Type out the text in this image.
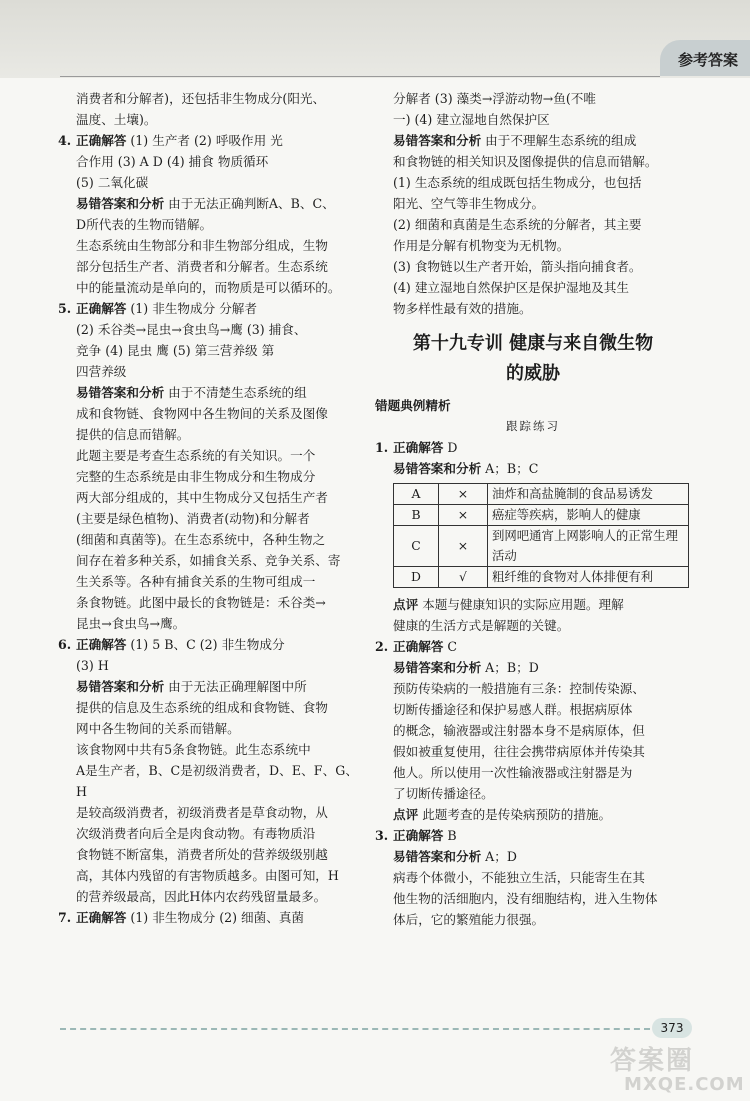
参考答案

消费者和分解者)，还包括非生物成分(阳光、

温度、土壤)。

4. 正确解答 (1) 生产者 (2) 呼吸作用 光

合作用 (3) A D (4) 捕食 物质循环

(5) 二氧化碳

易错答案和分析 由于无法正确判断A、B、C、

D所代表的生物而错解。

生态系统由生物部分和非生物部分组成，生物

部分包括生产者、消费者和分解者。生态系统

中的能量流动是单向的，而物质是可以循环的。

5. 正确解答 (1) 非生物成分 分解者

(2) 禾谷类→昆虫→食虫鸟→鹰 (3) 捕食、

竞争 (4) 昆虫 鹰 (5) 第三营养级 第

四营养级

易错答案和分析 由于不清楚生态系统的组

成和食物链、食物网中各生物间的关系及图像

提供的信息而错解。

此题主要是考查生态系统的有关知识。一个

完整的生态系统是由非生物成分和生物成分

两大部分组成的，其中生物成分又包括生产者

(主要是绿色植物)、消费者(动物)和分解者

(细菌和真菌等)。在生态系统中，各种生物之

间存在着多种关系，如捕食关系、竞争关系、寄

生关系等。各种有捕食关系的生物可组成一

条食物链。此图中最长的食物链是：禾谷类→

昆虫→食虫鸟→鹰。

6. 正确解答 (1) 5 B、C (2) 非生物成分

(3) H

易错答案和分析 由于无法正确理解图中所

提供的信息及生态系统的组成和食物链、食物

网中各生物间的关系而错解。

该食物网中共有5条食物链。此生态系统中

A是生产者，B、C是初级消费者，D、E、F、G、H

是较高级消费者，初级消费者是草食动物，从

次级消费者向后全是肉食动物。有毒物质沿

食物链不断富集，消费者所处的营养级级别越

高，其体内残留的有害物质越多。由图可知，H

的营养级最高，因此H体内农药残留量最多。

7. 正确解答 (1) 非生物成分 (2) 细菌、真菌

分解者 (3) 藻类→浮游动物→鱼(不唯

一) (4) 建立湿地自然保护区

易错答案和分析 由于不理解生态系统的组成

和食物链的相关知识及图像提供的信息而错解。

(1) 生态系统的组成既包括生物成分，也包括

阳光、空气等非生物成分。

(2) 细菌和真菌是生态系统的分解者，其主要

作用是分解有机物变为无机物。

(3) 食物链以生产者开始，箭头指向捕食者。

(4) 建立湿地自然保护区是保护湿地及其生

物多样性最有效的措施。

第十九专训 健康与来自微生物
的威胁

错题典例精析

跟踪练习

1. 正确解答 D

易错答案和分析 A；B；C

A	×	油炸和高盐腌制的食品易诱发
B	×	癌症等疾病，影响人的健康
C	×	到网吧通宵上网影响人的正常生理活动
D	√	粗纤维的食物对人体排便有利

点评 本题与健康知识的实际应用题。理解

健康的生活方式是解题的关键。

2. 正确解答 C

易错答案和分析 A；B；D

预防传染病的一般措施有三条：控制传染源、

切断传播途径和保护易感人群。根据病原体

的概念，输液器或注射器本身不是病原体，但

假如被重复使用，往往会携带病原体并传染其

他人。所以使用一次性输液器或注射器是为

了切断传播途径。

点评 此题考查的是传染病预防的措施。

3. 正确解答 B

易错答案和分析 A；D

病毒个体微小，不能独立生活，只能寄生在其

他生物的活细胞内，没有细胞结构，进入生物体

体后，它的繁殖能力很强。

373
答案圈
MXQE.COM
